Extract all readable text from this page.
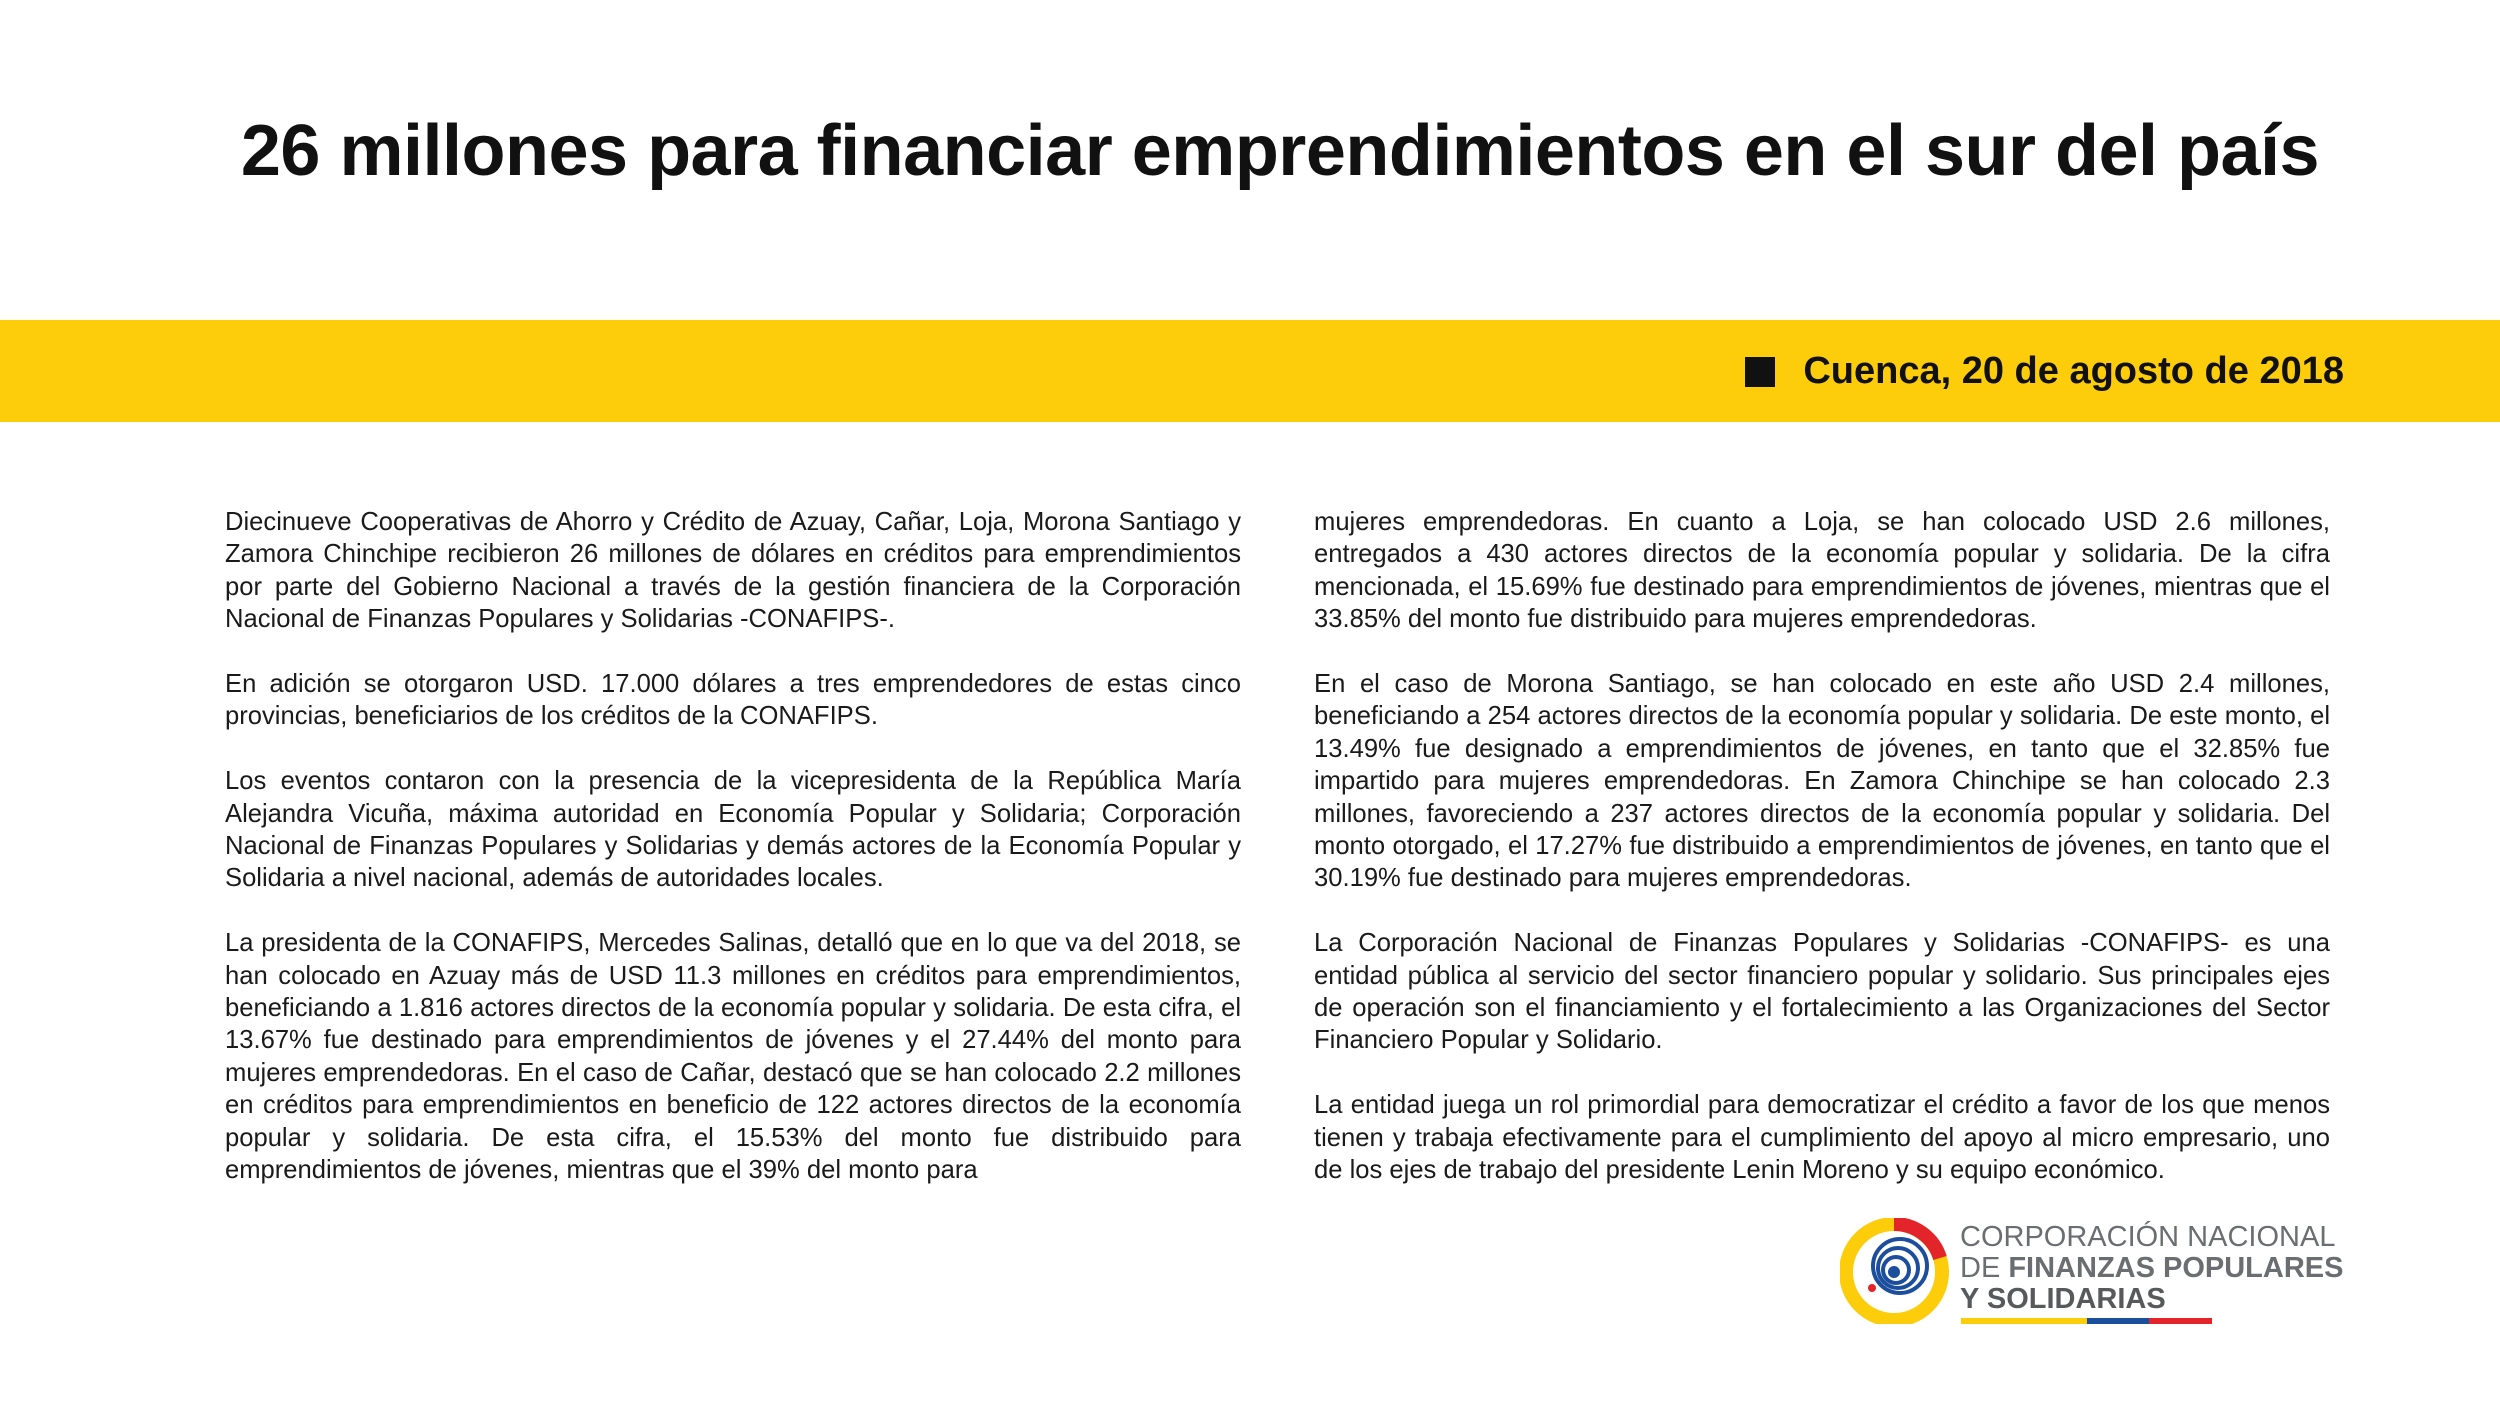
26 millones para financiar emprendimientos en el sur del país
Cuenca, 20 de agosto de 2018

Diecinueve Cooperativas de Ahorro y Crédito de Azuay, Cañar, Loja, Morona Santiago y Zamora Chinchipe recibieron 26 millones de dólares en créditos para emprendimientos por parte del Gobierno Nacional a través de la gestión financiera de la Corporación Nacional de Finanzas Populares y Solidarias -CONAFIPS-.

En adición se otorgaron USD. 17.000 dólares a tres emprendedores de estas cinco provincias, beneficiarios de los créditos de la CONAFIPS.

Los eventos contaron con la presencia de la vicepresidenta de la República María Alejandra Vicuña, máxima autoridad en Economía Popular y Solidaria; Corporación Nacional de Finanzas Populares y Solidarias y demás actores de la Economía Popular y Solidaria a nivel nacional, además de autoridades locales.

La presidenta de la CONAFIPS, Mercedes Salinas, detalló que en lo que va del 2018, se han colocado en Azuay más de USD 11.3 millones en créditos para emprendimientos, beneficiando a 1.816 actores directos de la economía popular y solidaria. De esta cifra, el 13.67% fue destinado para emprendimientos de jóvenes y el 27.44% del monto para mujeres emprendedoras. En el caso de Cañar, destacó que se han colocado 2.2 millones en créditos para emprendimientos en beneficio de 122 actores directos de la economía popular y solidaria. De esta cifra, el 15.53% del monto fue distribuido para emprendimientos de jóvenes, mientras que el 39% del monto para

mujeres emprendedoras. En cuanto a Loja, se han colocado USD 2.6 millones, entregados a 430 actores directos de la economía popular y solidaria. De la cifra mencionada, el 15.69% fue destinado para emprendimientos de jóvenes, mientras que el 33.85% del monto fue distribuido para mujeres emprendedoras.

En el caso de Morona Santiago, se han colocado en este año USD 2.4 millones, beneficiando a 254 actores directos de la economía popular y solidaria. De este monto, el 13.49% fue designado a emprendimientos de jóvenes, en tanto que el 32.85% fue impartido para mujeres emprendedoras. En Zamora Chinchipe se han colocado 2.3 millones, favoreciendo a 237 actores directos de la economía popular y solidaria. Del monto otorgado, el 17.27% fue distribuido a emprendimientos de jóvenes, en tanto que el 30.19% fue destinado para mujeres emprendedoras.

La Corporación Nacional de Finanzas Populares y Solidarias -CONAFIPS- es una entidad pública al servicio del sector financiero popular y solidario. Sus principales ejes de operación son el financiamiento y el fortalecimiento a las Organizaciones del Sector Financiero Popular y Solidario.

La entidad juega un rol primordial para democratizar el crédito a favor de los que menos tienen y trabaja efectivamente para el cumplimiento del apoyo al micro empresario, uno de los ejes de trabajo del presidente Lenin Moreno y su equipo económico.

CORPORACIÓN NACIONAL
DE FINANZAS POPULARES
Y SOLIDARIAS
